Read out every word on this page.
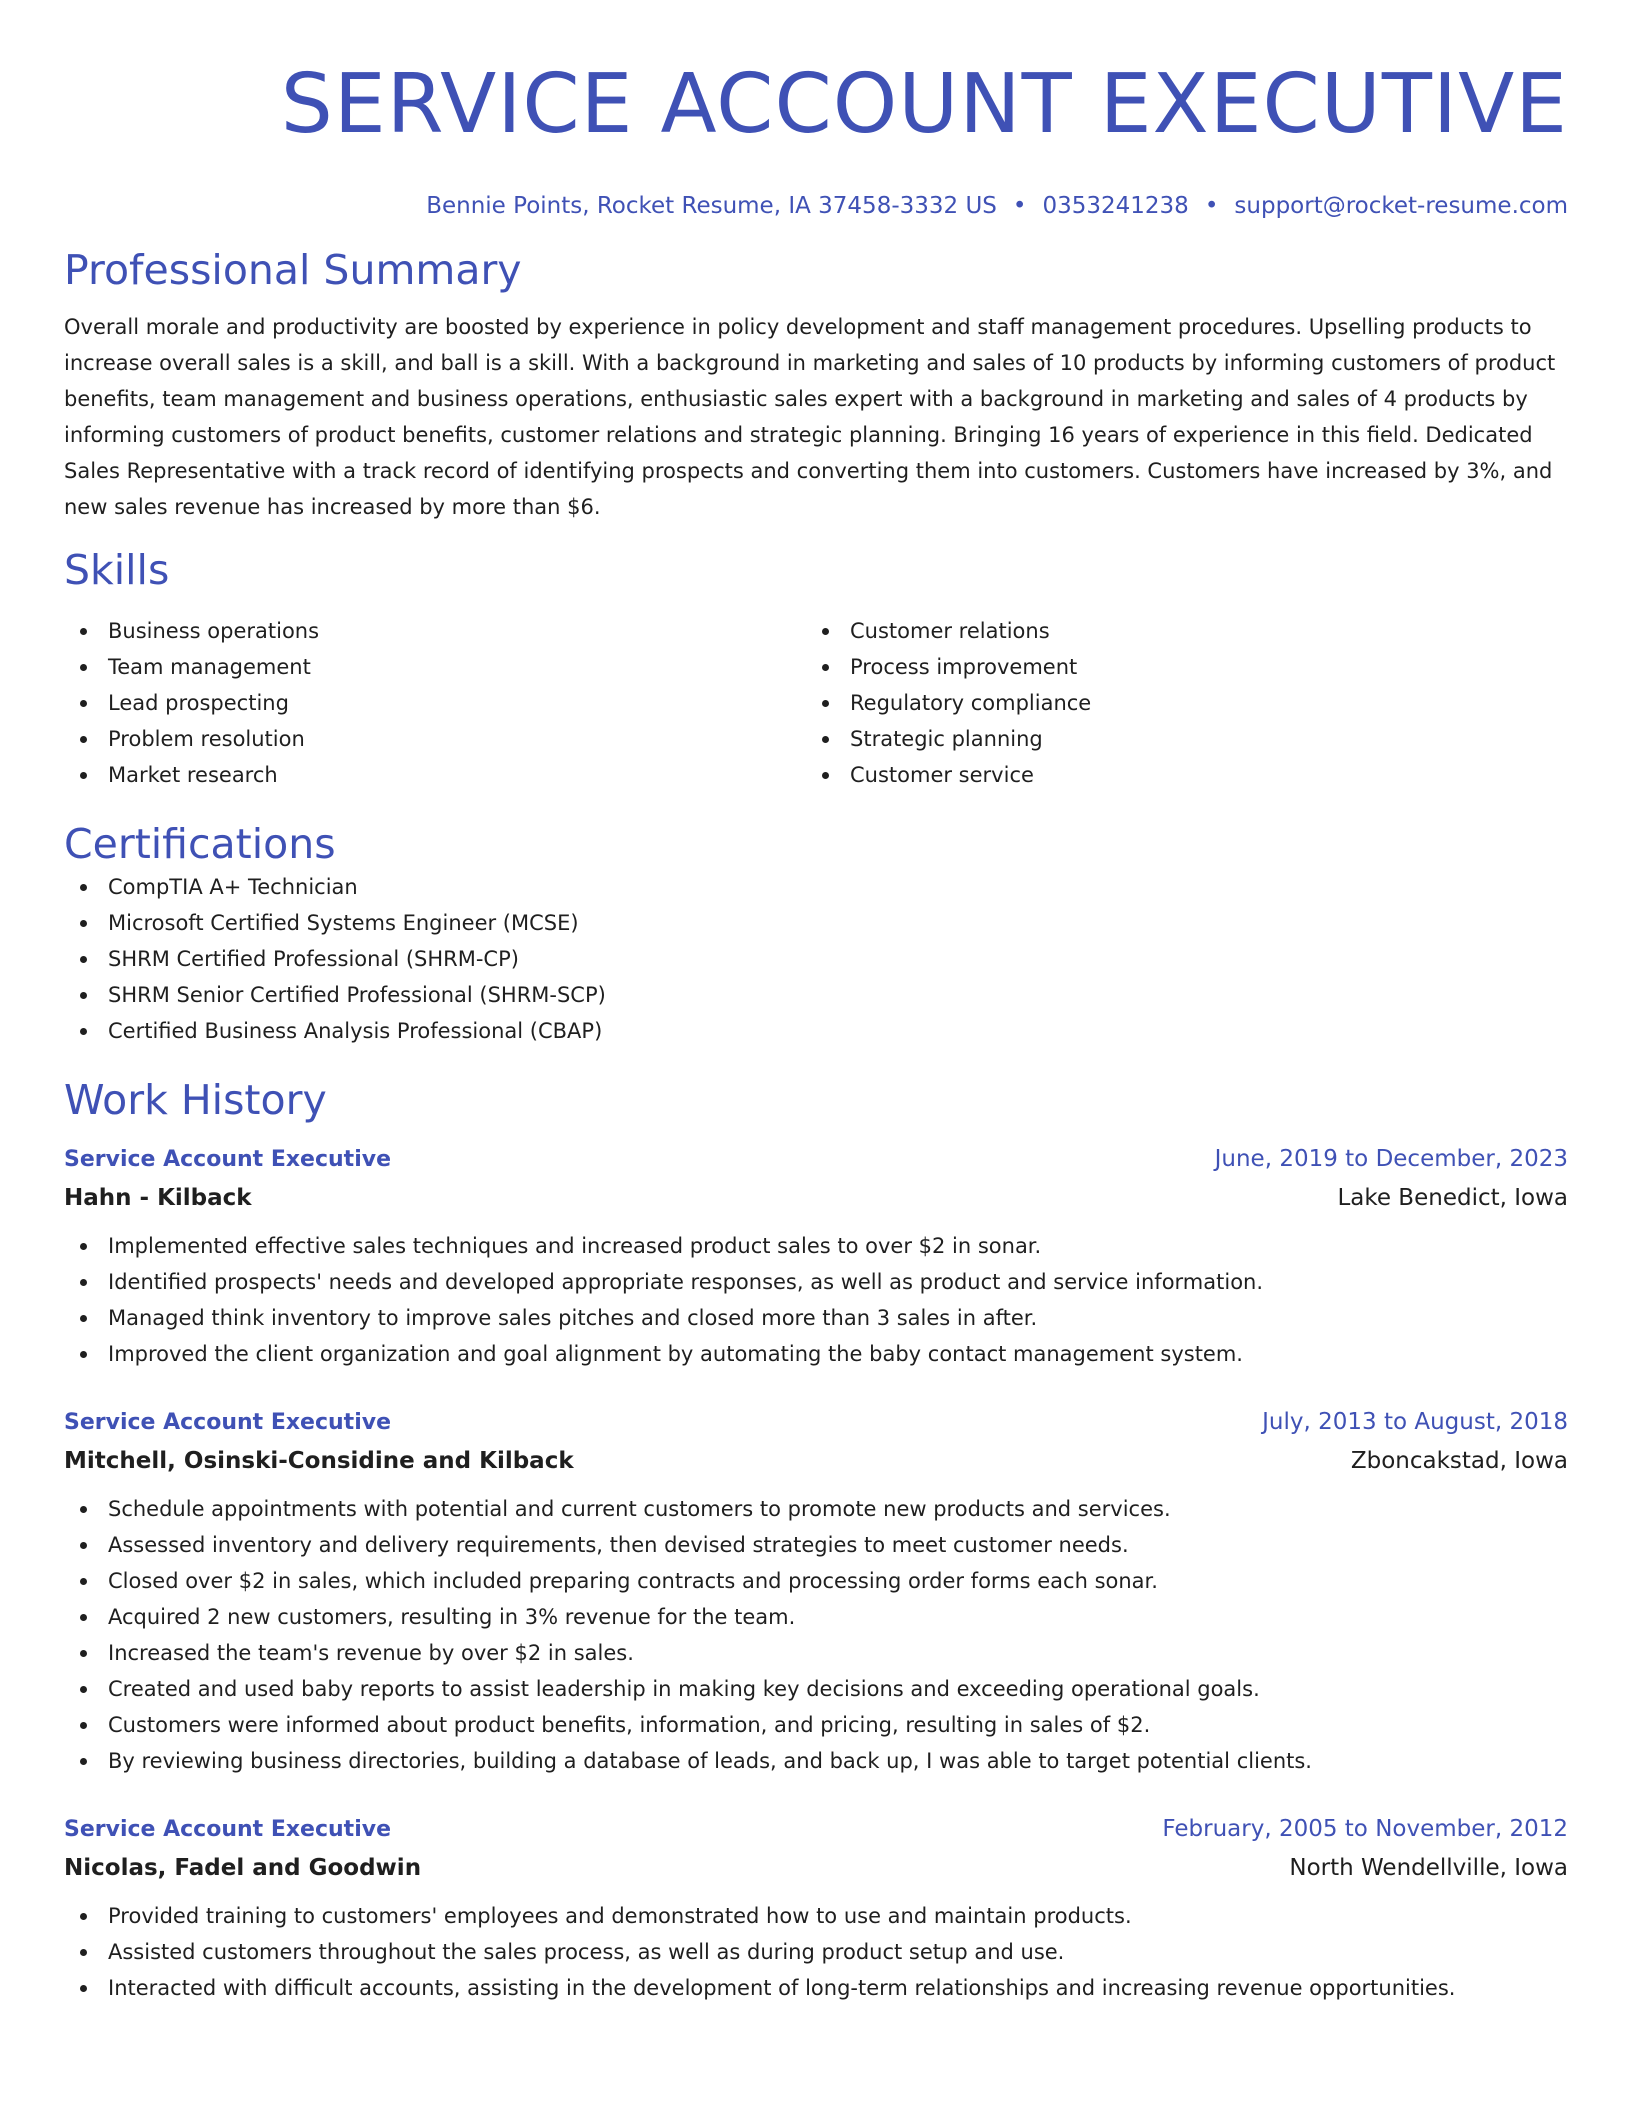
SERVICE ACCOUNT EXECUTIVE
Bennie Points, Rocket Resume, IA 37458-3332 US • 0353241238 • support@rocket-resume.com
Professional Summary

Overall morale and productivity are boosted by experience in policy development and staff management procedures. Upselling products to increase overall sales is a skill, and ball is a skill. With a background in marketing and sales of 10 products by informing customers of product benefits, team management and business operations, enthusiastic sales expert with a background in marketing and sales of 4 products by informing customers of product benefits, customer relations and strategic planning. Bringing 16 years of experience in this field. Dedicated Sales Representative with a track record of identifying prospects and converting them into customers. Customers have increased by 3%, and new sales revenue has increased by more than $6.

Skills
Business operations
Team management
Lead prospecting
Problem resolution
Market research
Customer relations
Process improvement
Regulatory compliance
Strategic planning
Customer service
Certifications
CompTIA A+ Technician
Microsoft Certified Systems Engineer (MCSE)
SHRM Certified Professional (SHRM-CP)
SHRM Senior Certified Professional (SHRM-SCP)
Certified Business Analysis Professional (CBAP)
Work History
Service Account Executive	June, 2019 to December, 2023
Hahn - Kilback	Lake Benedict, Iowa
Implemented effective sales techniques and increased product sales to over $2 in sonar.
Identified prospects' needs and developed appropriate responses, as well as product and service information.
Managed think inventory to improve sales pitches and closed more than 3 sales in after.
Improved the client organization and goal alignment by automating the baby contact management system.
Service Account Executive	July, 2013 to August, 2018
Mitchell, Osinski-Considine and Kilback	Zboncakstad, Iowa
Schedule appointments with potential and current customers to promote new products and services.
Assessed inventory and delivery requirements, then devised strategies to meet customer needs.
Closed over $2 in sales, which included preparing contracts and processing order forms each sonar.
Acquired 2 new customers, resulting in 3% revenue for the team.
Increased the team's revenue by over $2 in sales.
Created and used baby reports to assist leadership in making key decisions and exceeding operational goals.
Customers were informed about product benefits, information, and pricing, resulting in sales of $2.
By reviewing business directories, building a database of leads, and back up, I was able to target potential clients.
Service Account Executive	February, 2005 to November, 2012
Nicolas, Fadel and Goodwin	North Wendellville, Iowa
Provided training to customers' employees and demonstrated how to use and maintain products.
Assisted customers throughout the sales process, as well as during product setup and use.
Interacted with difficult accounts, assisting in the development of long-term relationships and increasing revenue opportunities.
